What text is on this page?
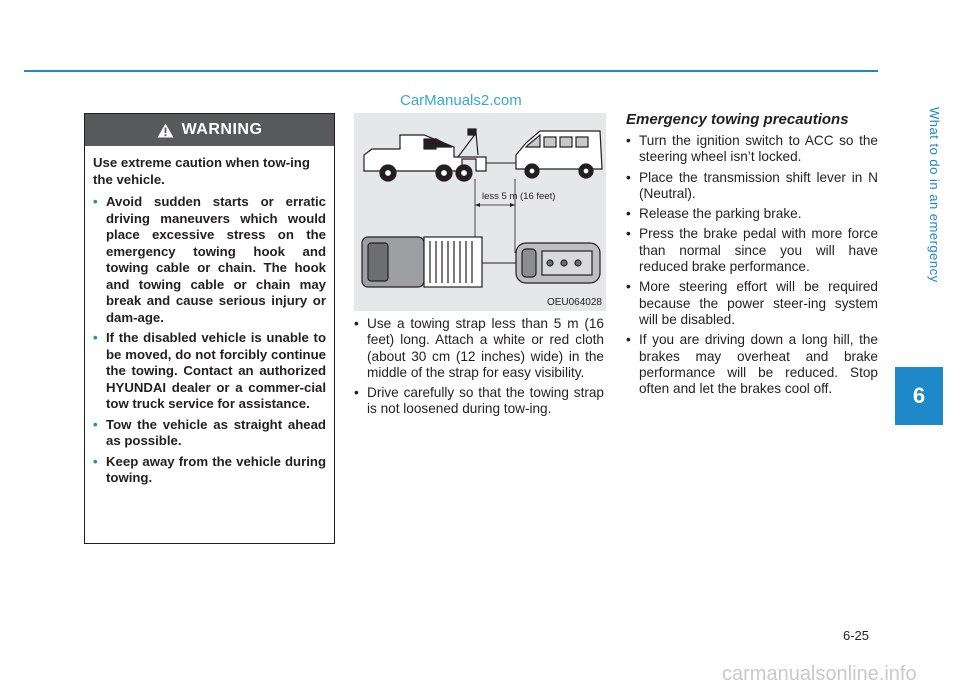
CarManuals2.com
What to do in an emergency
6
WARNING

Use extreme caution when tow-ing the vehicle.

• Avoid sudden starts or erratic driving maneuvers which would place excessive stress on the emergency towing hook and towing cable or chain. The hook and towing cable or chain may break and cause serious injury or dam-age.
• If the disabled vehicle is unable to be moved, do not forcibly continue the towing. Contact an authorized HYUNDAI dealer or a commer-cial tow truck service for assistance.
• Tow the vehicle as straight ahead as possible.
• Keep away from the vehicle during towing.
less 5 m (16 feet)
OEU064028
• Use a towing strap less than 5 m (16 feet) long. Attach a white or red cloth (about 30 cm (12 inches) wide) in the middle of the strap for easy visibility.
• Drive carefully so that the towing strap is not loosened during tow-ing.
Emergency towing precautions
• Turn the ignition switch to ACC so the steering wheel isn’t locked.
• Place the transmission shift lever in N (Neutral).
• Release the parking brake.
• Press the brake pedal with more force than normal since you will have reduced brake performance.
• More steering effort will be required because the power steer-ing system will be disabled.
• If you are driving down a long hill, the brakes may overheat and brake performance will be reduced. Stop often and let the brakes cool off.
6-25
carmanualsonline.info
